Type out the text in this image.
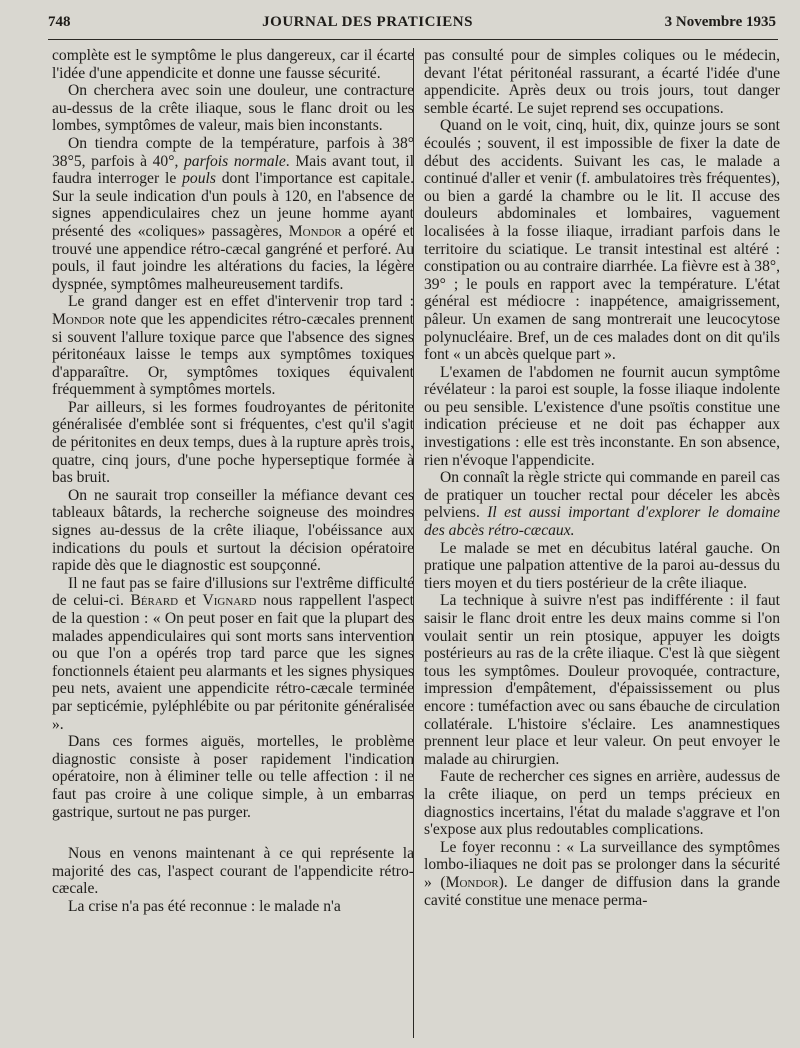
748	JOURNAL DES PRATICIENS	3 Novembre 1935

complète est le symptôme le plus dangereux, car il écarte l'idée d'une appendicite et donne une fausse sécurité.

On cherchera avec soin une douleur, une contracture au-dessus de la crête iliaque, sous le flanc droit ou les lombes, symptômes de valeur, mais bien inconstants.

On tiendra compte de la température, parfois à 38° 38°5, parfois à 40°, parfois normale. Mais avant tout, il faudra interroger le pouls dont l'importance est capitale. Sur la seule indication d'un pouls à 120, en l'absence de signes appendiculaires chez un jeune homme ayant présenté des «coliques» passagères, Mondor a opéré et trouvé une appendice rétro-cæcal gangréné et perforé. Au pouls, il faut joindre les altérations du facies, la légère dyspnée, symptômes malheureusement tardifs.

Le grand danger est en effet d'intervenir trop tard : Mondor note que les appendicites rétro-cæcales prennent si souvent l'allure toxique parce que l'absence des signes péritonéaux laisse le temps aux symptômes toxiques d'apparaître. Or, symptômes toxiques équivalent fréquemment à symptômes mortels.

Par ailleurs, si les formes foudroyantes de péritonite généralisée d'emblée sont si fréquentes, c'est qu'il s'agit de péritonites en deux temps, dues à la rupture après trois, quatre, cinq jours, d'une poche hyperseptique formée à bas bruit.

On ne saurait trop conseiller la méfiance devant ces tableaux bâtards, la recherche soigneuse des moindres signes au-dessus de la crête iliaque, l'obéissance aux indications du pouls et surtout la décision opératoire rapide dès que le diagnostic est soupçonné.

Il ne faut pas se faire d'illusions sur l'extrême difficulté de celui-ci. Bérard et Vignard nous rappellent l'aspect de la question : « On peut poser en fait que la plupart des malades appendiculaires qui sont morts sans intervention ou que l'on a opérés trop tard parce que les signes fonctionnels étaient peu alarmants et les signes physiques peu nets, avaient une appendicite rétro-cæcale terminée par septicémie, pyléphlébite ou par péritonite généralisée ».

Dans ces formes aiguës, mortelles, le problème diagnostic consiste à poser rapidement l'indication opératoire, non à éliminer telle ou telle affection : il ne faut pas croire à une colique simple, à un embarras gastrique, surtout ne pas purger.

Nous en venons maintenant à ce qui représente la majorité des cas, l'aspect courant de l'appendicite rétro-cæcale.

La crise n'a pas été reconnue : le malade n'a

pas consulté pour de simples coliques ou le médecin, devant l'état péritonéal rassurant, a écarté l'idée d'une appendicite. Après deux ou trois jours, tout danger semble écarté. Le sujet reprend ses occupations.

Quand on le voit, cinq, huit, dix, quinze jours se sont écoulés ; souvent, il est impossible de fixer la date de début des accidents. Suivant les cas, le malade a continué d'aller et venir (f. ambulatoires très fréquentes), ou bien a gardé la chambre ou le lit. Il accuse des douleurs abdominales et lombaires, vaguement localisées à la fosse iliaque, irradiant parfois dans le territoire du sciatique. Le transit intestinal est altéré : constipation ou au contraire diarrhée. La fièvre est à 38°, 39° ; le pouls en rapport avec la température. L'état général est médiocre : inappétence, amaigrissement, pâleur. Un examen de sang montrerait une leucocytose polynucléaire. Bref, un de ces malades dont on dit qu'ils font « un abcès quelque part ».

L'examen de l'abdomen ne fournit aucun symptôme révélateur : la paroi est souple, la fosse iliaque indolente ou peu sensible. L'existence d'une psoïtis constitue une indication précieuse et ne doit pas échapper aux investigations : elle est très inconstante. En son absence, rien n'évoque l'appendicite.

On connaît la règle stricte qui commande en pareil cas de pratiquer un toucher rectal pour déceler les abcès pelviens. Il est aussi important d'explorer le domaine des abcès rétro-cæcaux.

Le malade se met en décubitus latéral gauche. On pratique une palpation attentive de la paroi au-dessus du tiers moyen et du tiers postérieur de la crête iliaque.

La technique à suivre n'est pas indifférente : il faut saisir le flanc droit entre les deux mains comme si l'on voulait sentir un rein ptosique, appuyer les doigts postérieurs au ras de la crête iliaque. C'est là que siègent tous les symptômes. Douleur provoquée, contracture, impression d'empâtement, d'épaississement ou plus encore : tuméfaction avec ou sans ébauche de circulation collatérale. L'histoire s'éclaire. Les anamnestiques prennent leur place et leur valeur. On peut envoyer le malade au chirurgien.

Faute de rechercher ces signes en arrière, audessus de la crête iliaque, on perd un temps précieux en diagnostics incertains, l'état du malade s'aggrave et l'on s'expose aux plus redoutables complications.

Le foyer reconnu : « La surveillance des symptômes lombo-iliaques ne doit pas se prolonger dans la sécurité » (Mondor). Le danger de diffusion dans la grande cavité constitue une menace perma-
